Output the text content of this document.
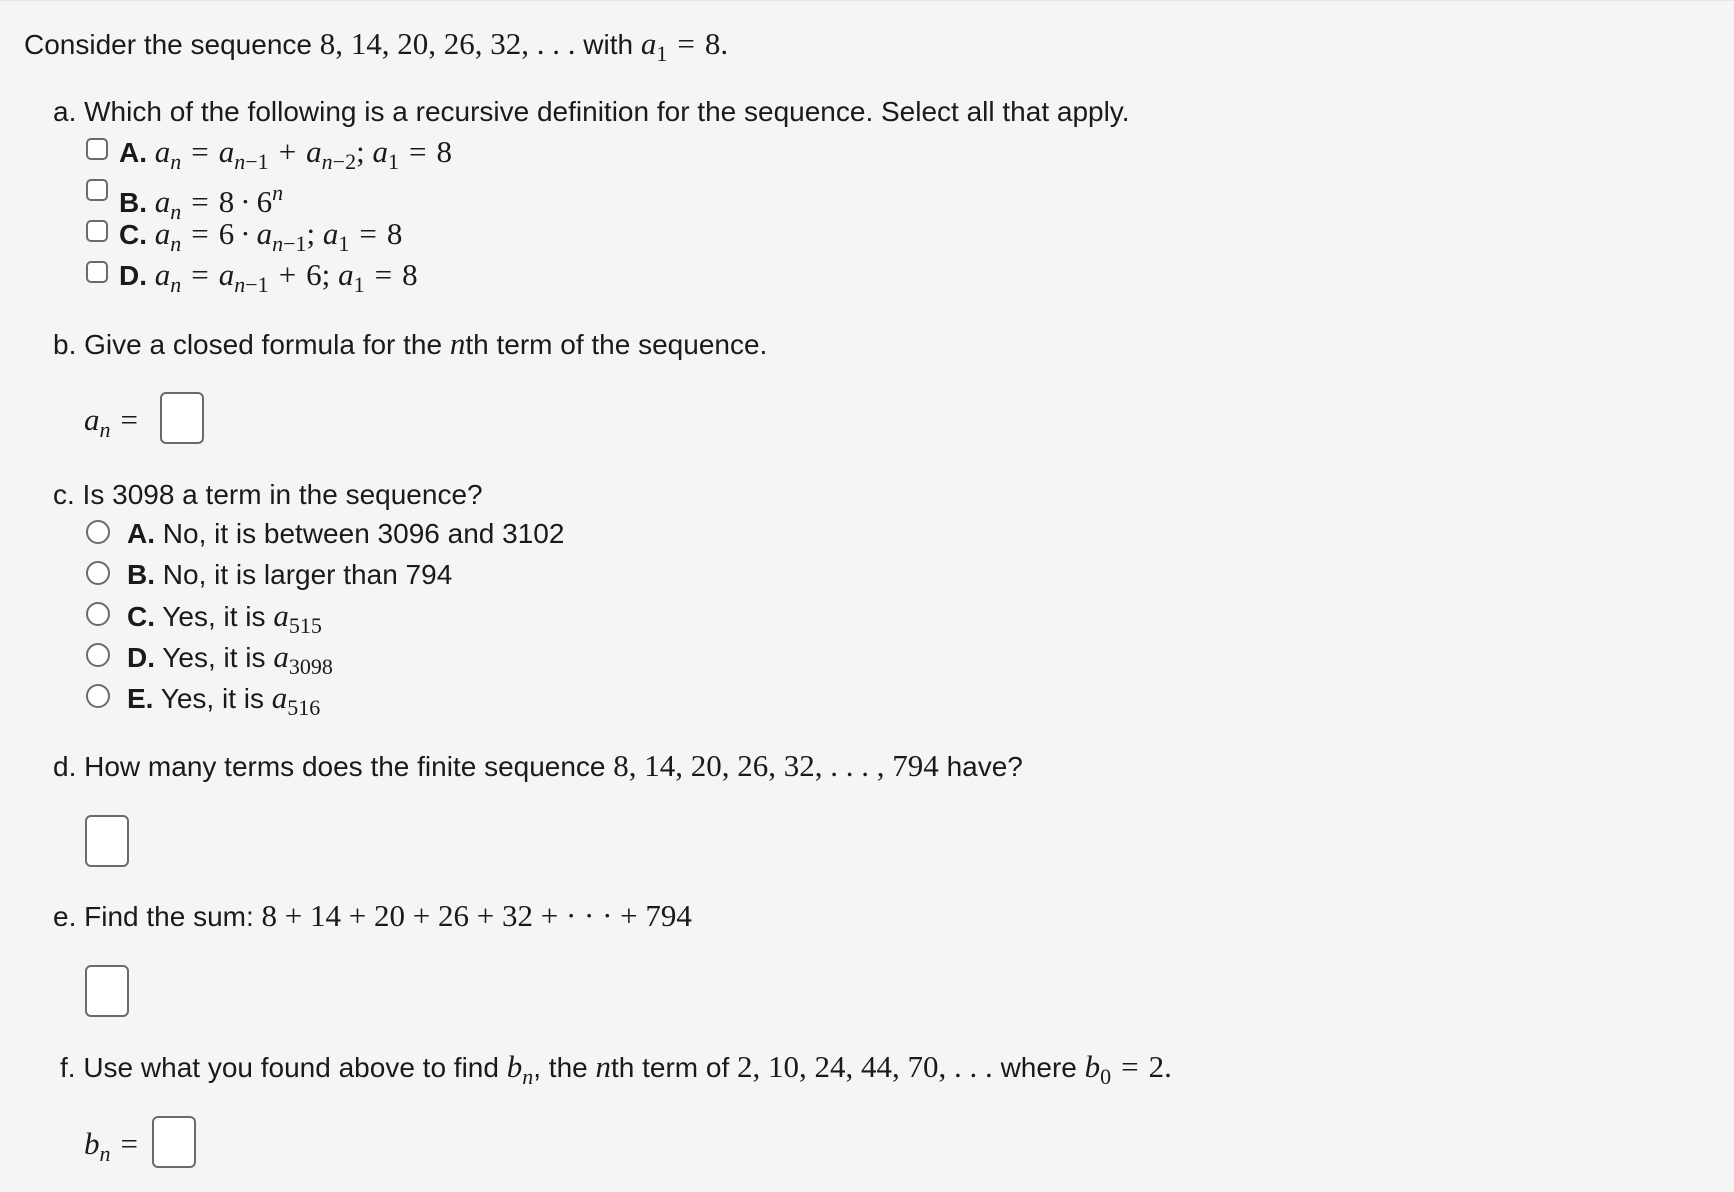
Consider the sequence 8, 14, 20, 26, 32, . . . with $a_1 = 8$.
a. Which of the following is a recursive definition for the sequence. Select all that apply.
A. $a_n = a_{n-1} + a_{n-2}$; $a_1 = 8$
B. $a_n = 8 \cdot 6^n$
C. $a_n = 6 \cdot a_{n-1}$; $a_1 = 8$
D. $a_n = a_{n-1} + 6$; $a_1 = 8$
b. Give a closed formula for the nth term of the sequence.
$a_n$ =
c. Is 3098 a term in the sequence?
A. No, it is between 3096 and 3102
B. No, it is larger than 794
C. Yes, it is $a_{515}$
D. Yes, it is $a_{3098}$
E. Yes, it is $a_{516}$
d. How many terms does the finite sequence 8, 14, 20, 26, 32, . . . , 794 have?
e. Find the sum: 8 + 14 + 20 + 26 + 32 + · · · + 794
f. Use what you found above to find $b_n$, the nth term of 2, 10, 24, 44, 70, . . . where $b_0 = 2$.
$b_n$ =
